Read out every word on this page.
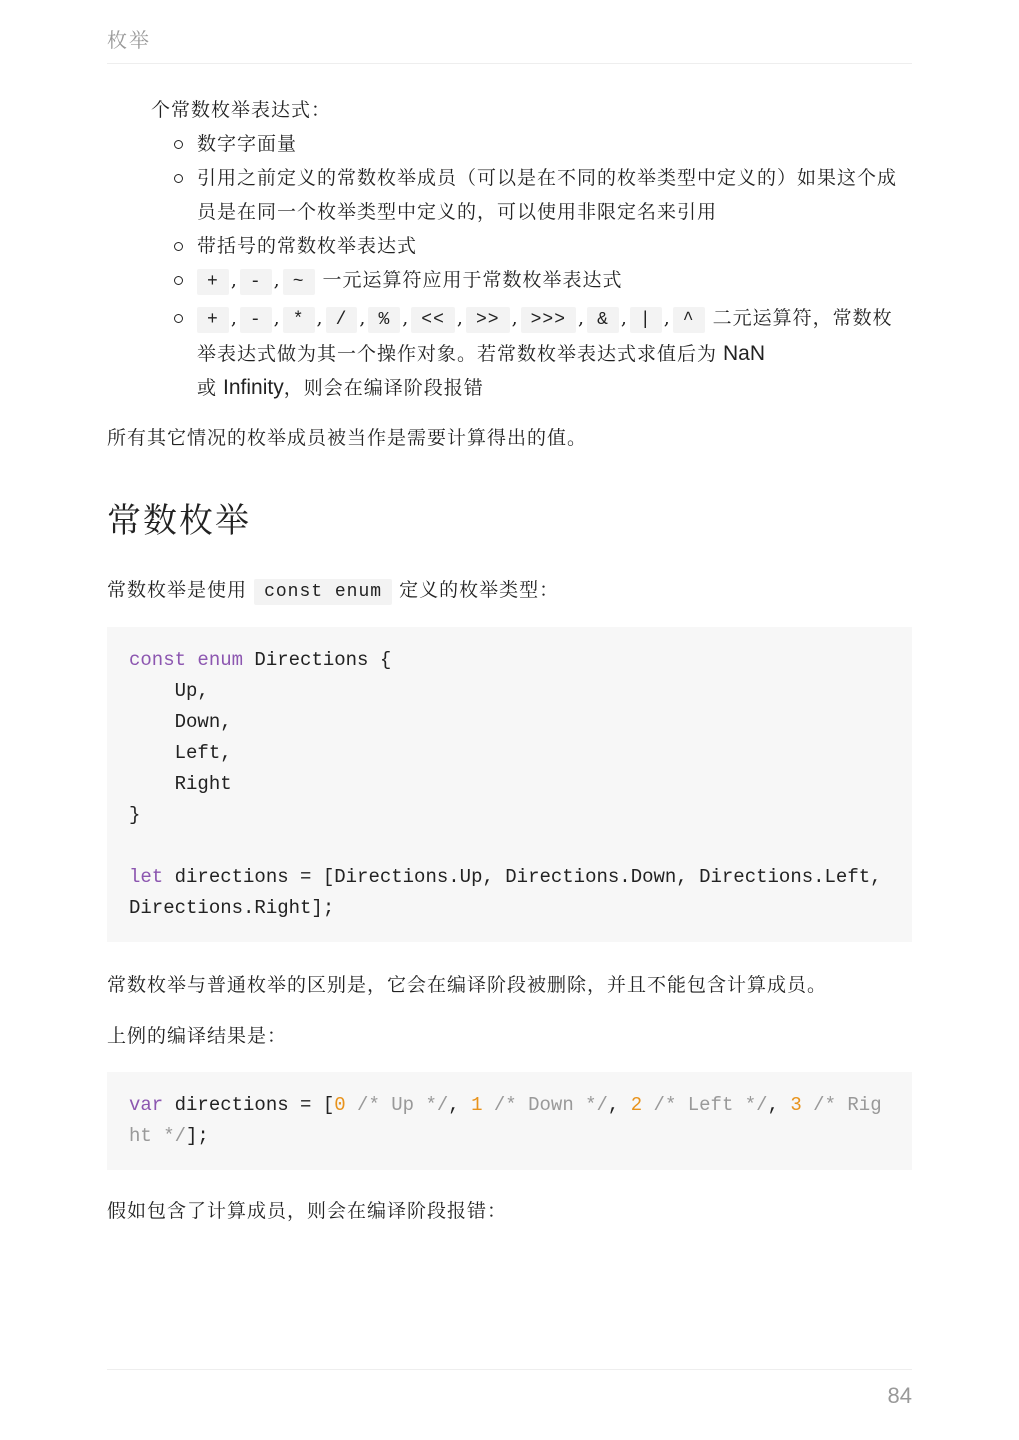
枚举

个常数枚举表达式：

数字字面量
引用之前定义的常数枚举成员（可以是在不同的枚举类型中定义的）如果这个成员是在同一个枚举类型中定义的，可以使用非限定名来引用
带括号的常数枚举表达式
+ , - , ~ 一元运算符应用于常数枚举表达式
+ , - , * , / , % , << , >> , >>> , & , | , ^ 二元运算符，常数枚举表达式做为其一个操作对象。若常数枚举表达式求值后为 NaN
或 Infinity，则会在编译阶段报错

所有其它情况的枚举成员被当作是需要计算得出的值。

常数枚举

常数枚举是使用 const enum 定义的枚举类型：

const enum Directions {
Up,
Down,
Left,
Right
}

let directions = [Directions.Up, Directions.Down, Directions.Left, Directions.Right];

常数枚举与普通枚举的区别是，它会在编译阶段被删除，并且不能包含计算成员。

上例的编译结果是：

var directions = [0 /* Up */, 1 /* Down */, 2 /* Left */, 3 /* Right */];

假如包含了计算成员，则会在编译阶段报错：

84
